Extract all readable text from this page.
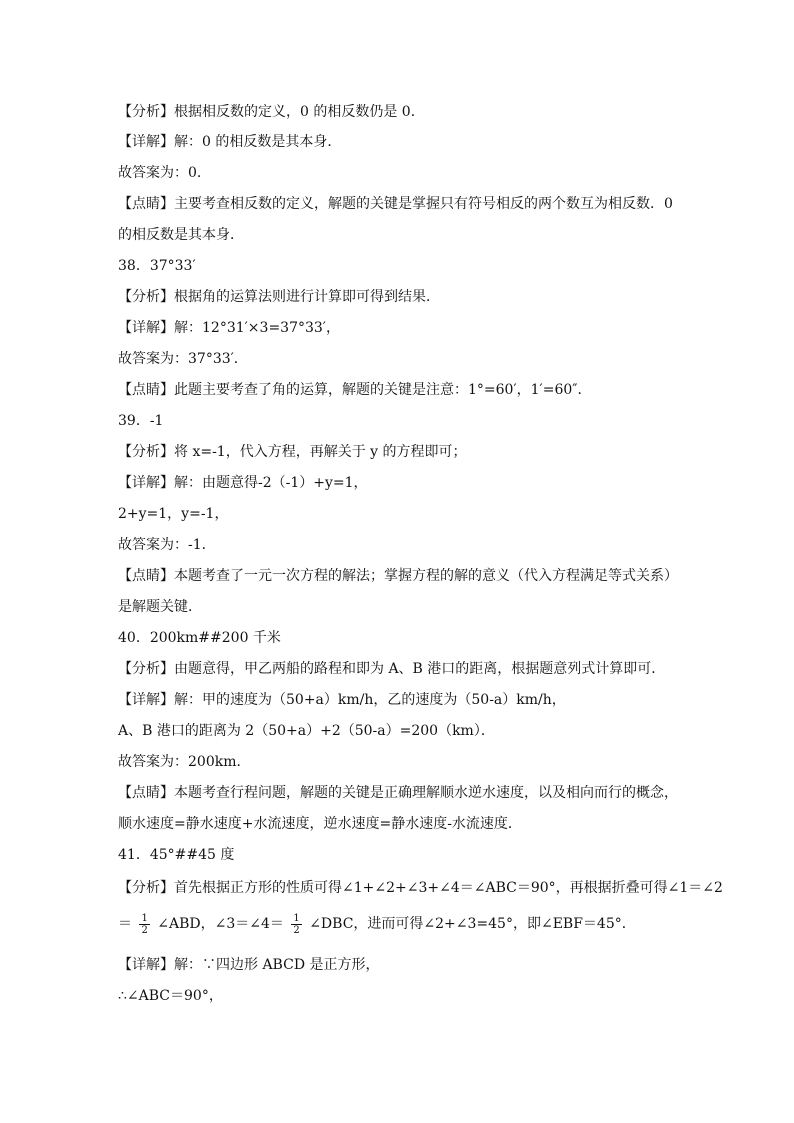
【分析】根据相反数的定义，0 的相反数仍是 0．
【详解】解：0 的相反数是其本身．
故答案为：0．
【点睛】主要考查相反数的定义，解题的关键是掌握只有符号相反的两个数互为相反数．0
的相反数是其本身．
38．37°33′
【分析】根据角的运算法则进行计算即可得到结果．
【详解】解：12°31′×3=37°33′，
故答案为：37°33′．
【点睛】此题主要考查了角的运算，解题的关键是注意：1°=60′，1′=60″．
39．-1
【分析】将 x=-1，代入方程，再解关于 y 的方程即可；
【详解】解：由题意得-2（-1）+y=1，
2+y=1，y=-1，
故答案为：-1．
【点睛】本题考查了一元一次方程的解法；掌握方程的解的意义（代入方程满足等式关系）
是解题关键．
40．200km##200 千米
【分析】由题意得，甲乙两船的路程和即为 A、B 港口的距离，根据题意列式计算即可．
【详解】解：甲的速度为（50+a）km/h，乙的速度为（50-a）km/h，
A、B 港口的距离为 2（50+a）+2（50-a）=200（km）．
故答案为：200km．
【点睛】本题考查行程问题，解题的关键是正确理解顺水逆水速度，以及相向而行的概念，
顺水速度=静水速度+水流速度，逆水速度=静水速度-水流速度．
41．45°##45 度
【分析】首先根据正方形的性质可得∠1+∠2+∠3+∠4＝∠ABC＝90°，再根据折叠可得∠1＝∠2
＝ $\frac{1}{2}$ ∠ABD，∠3＝∠4＝ $\frac{1}{2}$ ∠DBC，进而可得∠2+∠3=45°，即∠EBF＝45°．
【详解】解：∵四边形 ABCD 是正方形，
∴∠ABC＝90°，
